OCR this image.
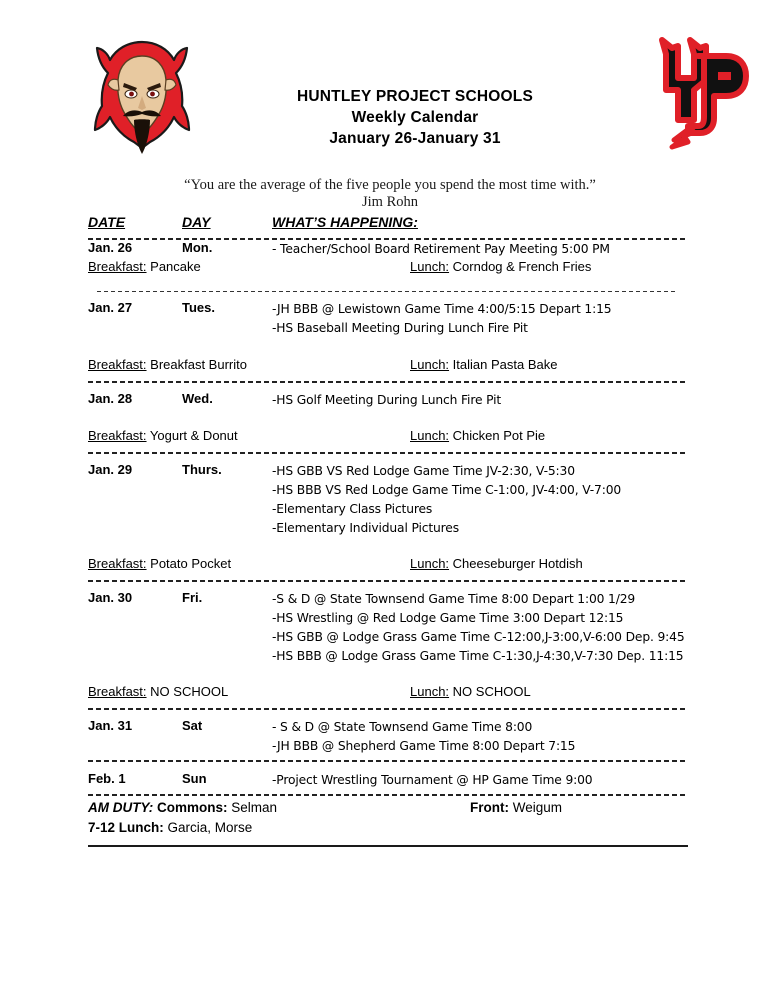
HUNTLEY PROJECT SCHOOLS
Weekly Calendar
January 26-January 31
“You are the average of the five people you spend the most time with.”
Jim Rohn
DATE	DAY	WHAT’S HAPPENING:
Jan. 26	Mon.	- Teacher/School Board Retirement Pay Meeting 5:00 PM
Breakfast: Pancake	Lunch: Corndog & French Fries
Jan. 27	Tues.	-JH BBB @ Lewistown Game Time 4:00/5:15 Depart 1:15
-HS Baseball Meeting During Lunch Fire Pit
Breakfast: Breakfast Burrito	Lunch: Italian Pasta Bake
Jan. 28	Wed.	-HS Golf Meeting During Lunch Fire Pit
Breakfast: Yogurt & Donut	Lunch: Chicken Pot Pie
Jan. 29	Thurs.	-HS GBB VS Red Lodge Game Time JV-2:30, V-5:30
-HS BBB VS Red Lodge Game Time C-1:00, JV-4:00, V-7:00
-Elementary Class Pictures
-Elementary Individual Pictures
Breakfast: Potato Pocket	Lunch: Cheeseburger Hotdish
Jan. 30	Fri.	-S & D @ State Townsend Game Time 8:00 Depart 1:00 1/29
-HS Wrestling @ Red Lodge Game Time 3:00 Depart 12:15
-HS GBB @ Lodge Grass Game Time C-12:00,J-3:00,V-6:00 Dep. 9:45
-HS BBB @ Lodge Grass Game Time C-1:30,J-4:30,V-7:30 Dep. 11:15
Breakfast: NO SCHOOL	Lunch: NO SCHOOL
Jan. 31	Sat	- S & D @ State Townsend Game Time 8:00
-JH BBB @ Shepherd Game Time 8:00 Depart 7:15
Feb. 1	Sun	-Project Wrestling Tournament @ HP Game Time 9:00
AM DUTY: Commons: Selman	Front: Weigum
7-12 Lunch: Garcia, Morse
